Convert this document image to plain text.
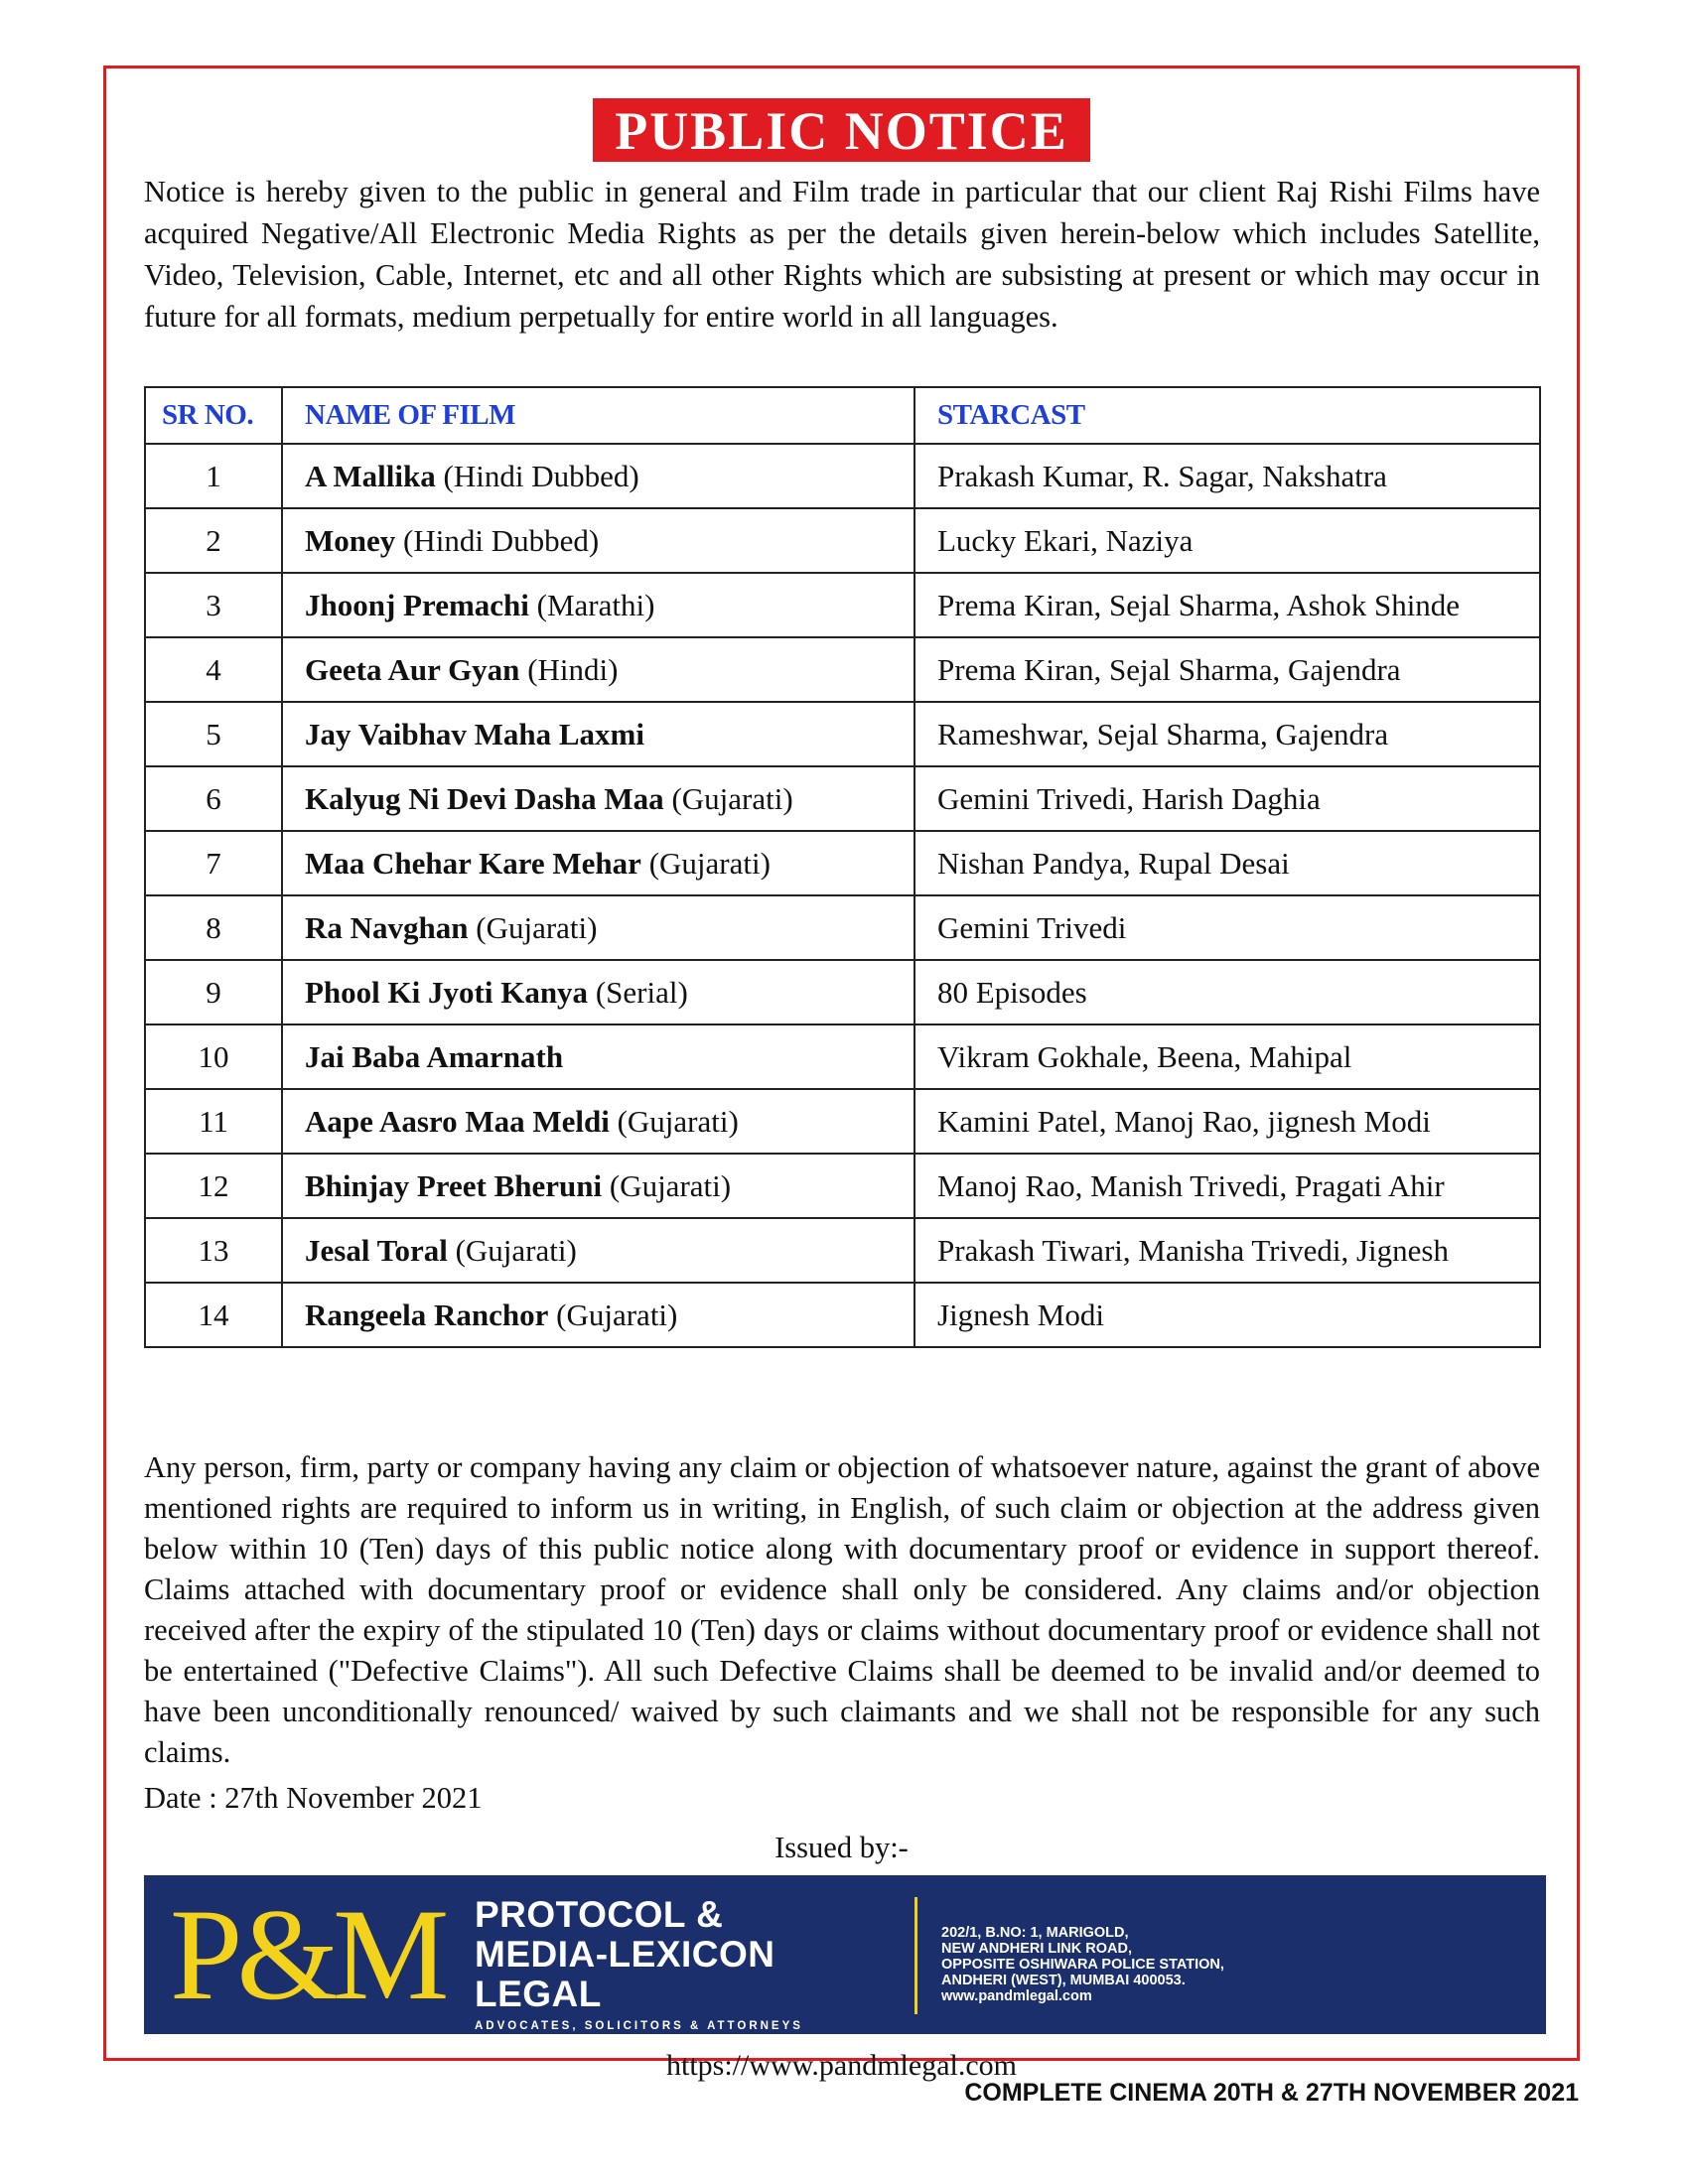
PUBLIC NOTICE

Notice is hereby given to the public in general and Film trade in particular that our client Raj Rishi Films have acquired Negative/All Electronic Media Rights as per the details given herein-below which includes Satellite, Video, Television, Cable, Internet, etc and all other Rights which are subsisting at present or which may occur in future for all formats, medium perpetually for entire world in all languages.

SR NO.	NAME OF FILM	STARCAST
1	A Mallika (Hindi Dubbed)	Prakash Kumar, R. Sagar, Nakshatra
2	Money (Hindi Dubbed)	Lucky Ekari, Naziya
3	Jhoonj Premachi (Marathi)	Prema Kiran, Sejal Sharma, Ashok Shinde
4	Geeta Aur Gyan (Hindi)	Prema Kiran, Sejal Sharma, Gajendra
5	Jay Vaibhav Maha Laxmi	Rameshwar, Sejal Sharma, Gajendra
6	Kalyug Ni Devi Dasha Maa (Gujarati)	Gemini Trivedi, Harish Daghia
7	Maa Chehar Kare Mehar (Gujarati)	Nishan Pandya, Rupal Desai
8	Ra Navghan (Gujarati)	Gemini Trivedi
9	Phool Ki Jyoti Kanya (Serial)	80 Episodes
10	Jai Baba Amarnath	Vikram Gokhale, Beena, Mahipal
11	Aape Aasro Maa Meldi (Gujarati)	Kamini Patel, Manoj Rao, jignesh Modi
12	Bhinjay Preet Bheruni (Gujarati)	Manoj Rao, Manish Trivedi, Pragati Ahir
13	Jesal Toral (Gujarati)	Prakash Tiwari, Manisha Trivedi, Jignesh
14	Rangeela Ranchor (Gujarati)	Jignesh Modi

Any person, firm, party or company having any claim or objection of whatsoever nature, against the grant of above mentioned rights are required to inform us in writing, in English, of such claim or objection at the address given below within 10 (Ten) days of this public notice along with documentary proof or evidence in support thereof. Claims attached with documentary proof or evidence shall only be considered. Any claims and/or objection received after the expiry of the stipulated 10 (Ten) days or claims without documentary proof or evidence shall not be entertained ("Defective Claims"). All such Defective Claims shall be deemed to be invalid and/or deemed to have been unconditionally renounced/ waived by such claimants and we shall not be responsible for any such claims.

Date : 27th November 2021
Issued by:-
P&M PROTOCOL &
MEDIA-LEXICON
LEGAL
ADVOCATES, SOLICITORS & ATTORNEYS
202/1, B.NO: 1, MARIGOLD,
NEW ANDHERI LINK ROAD,
OPPOSITE OSHIWARA POLICE STATION,
ANDHERI (WEST), MUMBAI 400053.
www.pandmlegal.com
https://www.pandmlegal.com
COMPLETE CINEMA 20TH & 27TH NOVEMBER 2021
